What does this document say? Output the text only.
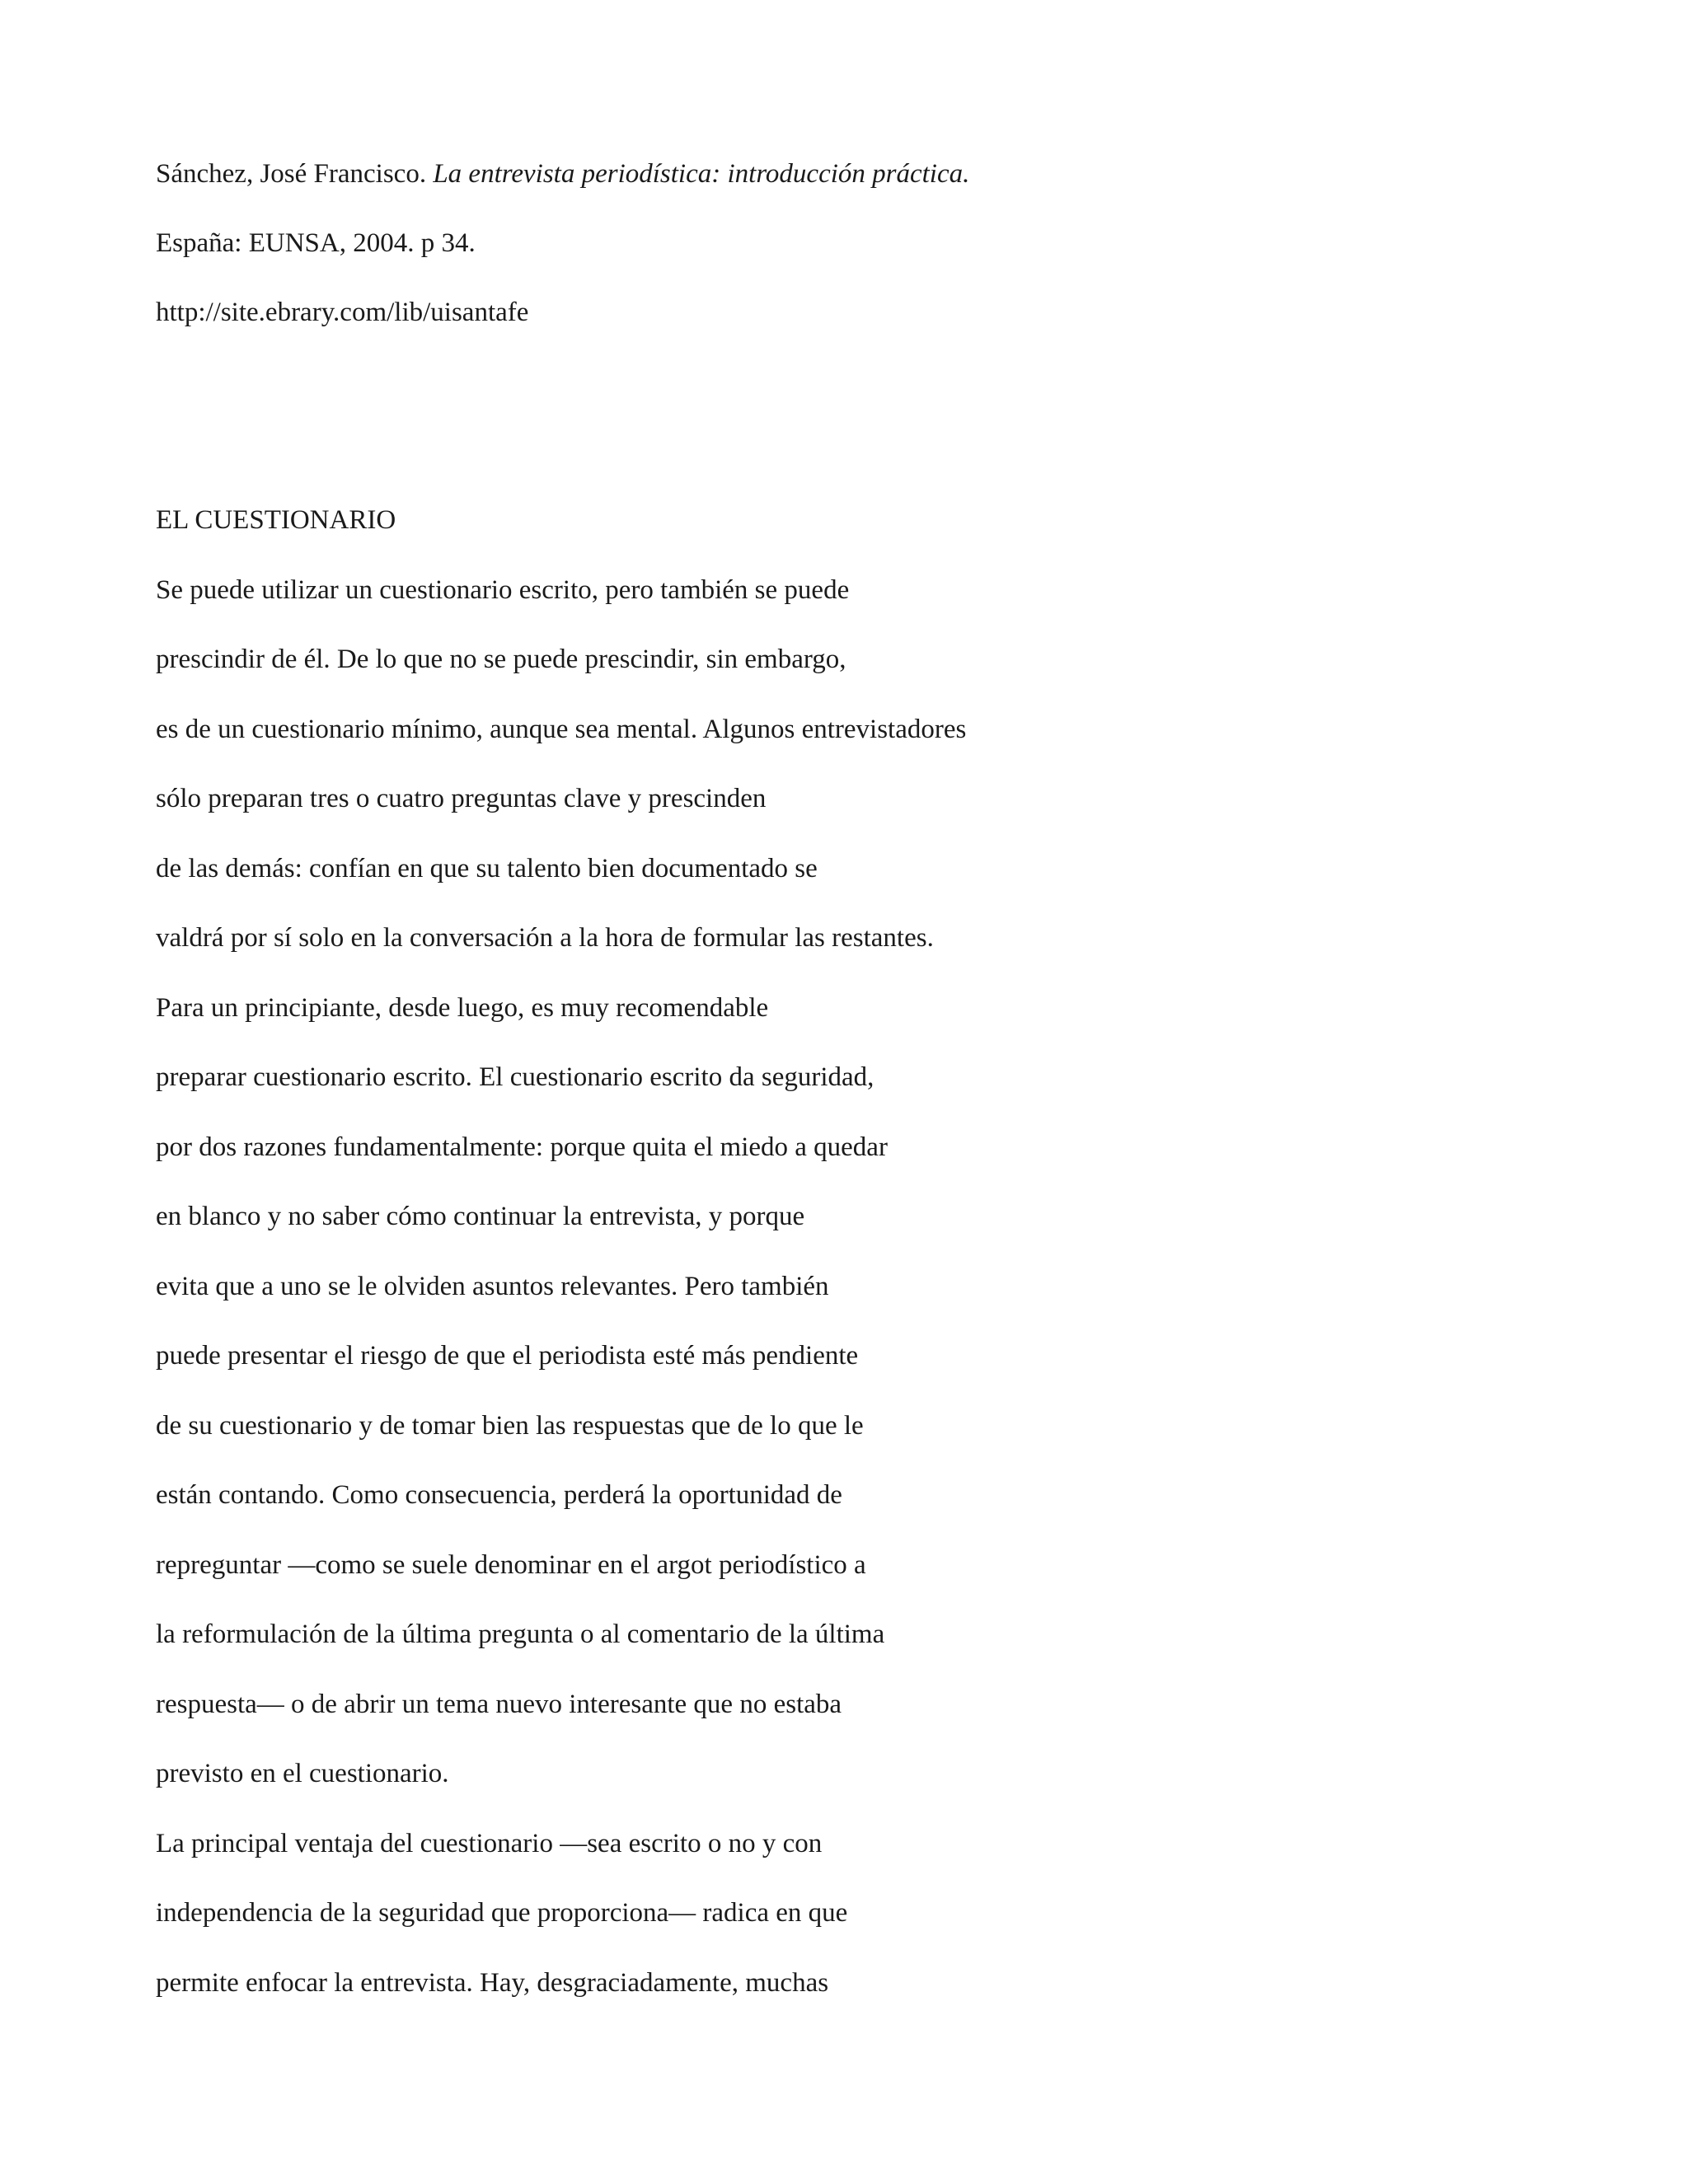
Sánchez, José Francisco. La entrevista periodística: introducción práctica.
España: EUNSA, 2004. p 34.
http://site.ebrary.com/lib/uisantafe
EL CUESTIONARIO
Se puede utilizar un cuestionario escrito, pero también se puede
prescindir de él. De lo que no se puede prescindir, sin embargo,
es de un cuestionario mínimo, aunque sea mental. Algunos entrevistadores
sólo preparan tres o cuatro preguntas clave y prescinden
de las demás: confían en que su talento bien documentado se
valdrá por sí solo en la conversación a la hora de formular las restantes.
Para un principiante, desde luego, es muy recomendable
preparar cuestionario escrito. El cuestionario escrito da seguridad,
por dos razones fundamentalmente: porque quita el miedo a quedar
en blanco y no saber cómo continuar la entrevista, y porque
evita que a uno se le olviden asuntos relevantes. Pero también
puede presentar el riesgo de que el periodista esté más pendiente
de su cuestionario y de tomar bien las respuestas que de lo que le
están contando. Como consecuencia, perderá la oportunidad de
repreguntar —como se suele denominar en el argot periodístico a
la reformulación de la última pregunta o al comentario de la última
respuesta— o de abrir un tema nuevo interesante que no estaba
previsto en el cuestionario.
La principal ventaja del cuestionario —sea escrito o no y con
independencia de la seguridad que proporciona— radica en que
permite enfocar la entrevista. Hay, desgraciadamente, muchas
